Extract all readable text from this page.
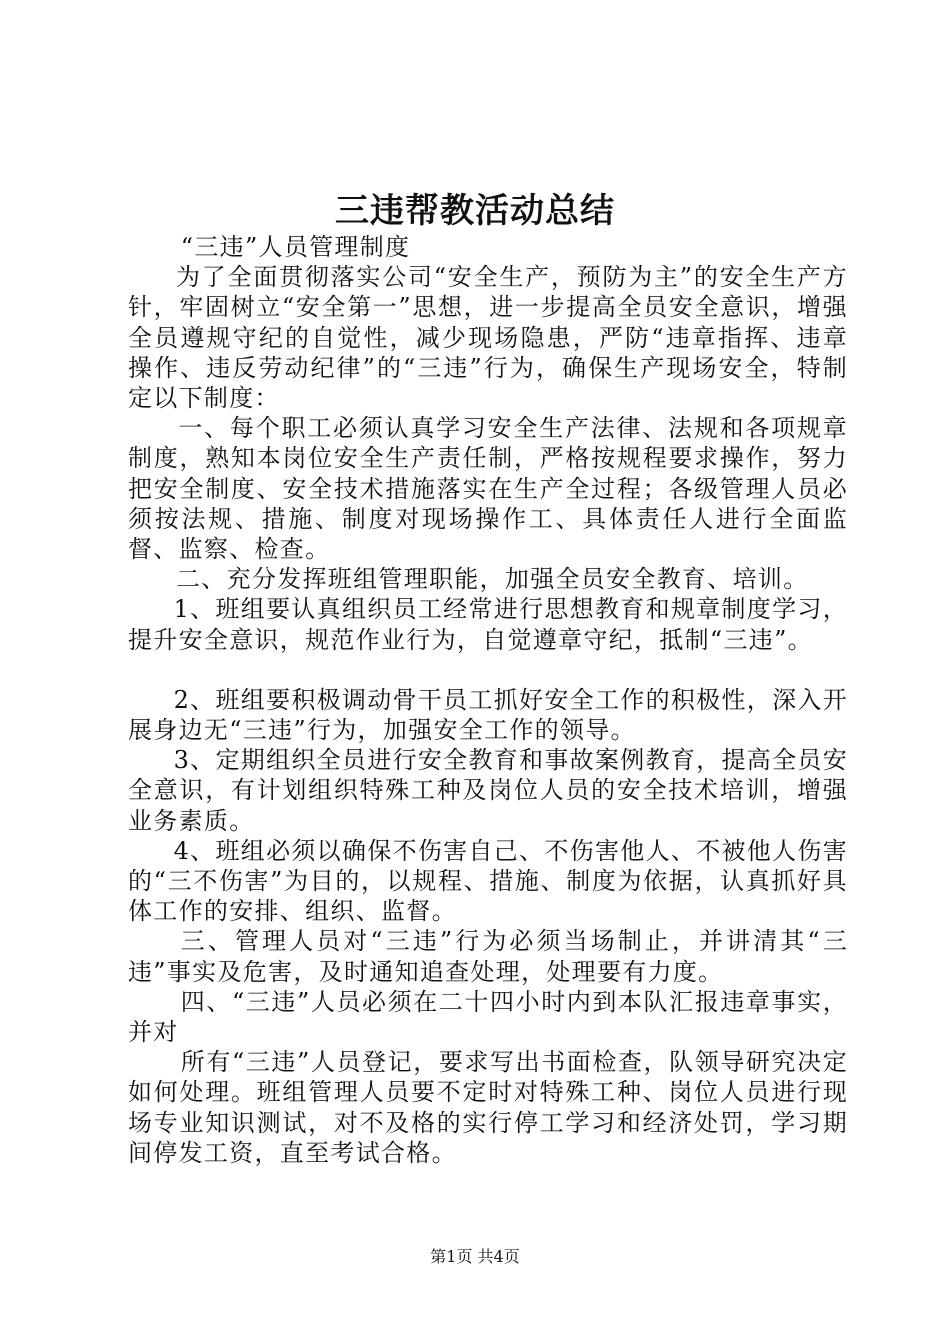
三违帮教活动总结

“三违”人员管理制度

为了全面贯彻落实公司“安全生产，预防为主”的安全生产方针，牢固树立“安全第一”思想，进一步提高全员安全意识，增强全员遵规守纪的自觉性，减少现场隐患，严防“违章指挥、违章操作、违反劳动纪律”的“三违”行为，确保生产现场安全，特制定以下制度：

一、每个职工必须认真学习安全生产法律、法规和各项规章制度，熟知本岗位安全生产责任制，严格按规程要求操作，努力把安全制度、安全技术措施落实在生产全过程；各级管理人员必须按法规、措施、制度对现场操作工、具体责任人进行全面监督、监察、检查。

二、充分发挥班组管理职能，加强全员安全教育、培训。

1、班组要认真组织员工经常进行思想教育和规章制度学习，提升安全意识，规范作业行为，自觉遵章守纪，抵制“三违”。

2、班组要积极调动骨干员工抓好安全工作的积极性，深入开展身边无“三违”行为，加强安全工作的领导。

3、定期组织全员进行安全教育和事故案例教育，提高全员安全意识，有计划组织特殊工种及岗位人员的安全技术培训，增强业务素质。

4、班组必须以确保不伤害自己、不伤害他人、不被他人伤害的“三不伤害”为目的，以规程、措施、制度为依据，认真抓好具体工作的安排、组织、监督。

三、管理人员对“三违”行为必须当场制止，并讲清其“三违”事实及危害，及时通知追查处理，处理要有力度。

四、“三违”人员必须在二十四小时内到本队汇报违章事实，并对

所有“三违”人员登记，要求写出书面检查，队领导研究决定如何处理。班组管理人员要不定时对特殊工种、岗位人员进行现场专业知识测试，对不及格的实行停工学习和经济处罚，学习期间停发工资，直至考试合格。

第1页 共4页
